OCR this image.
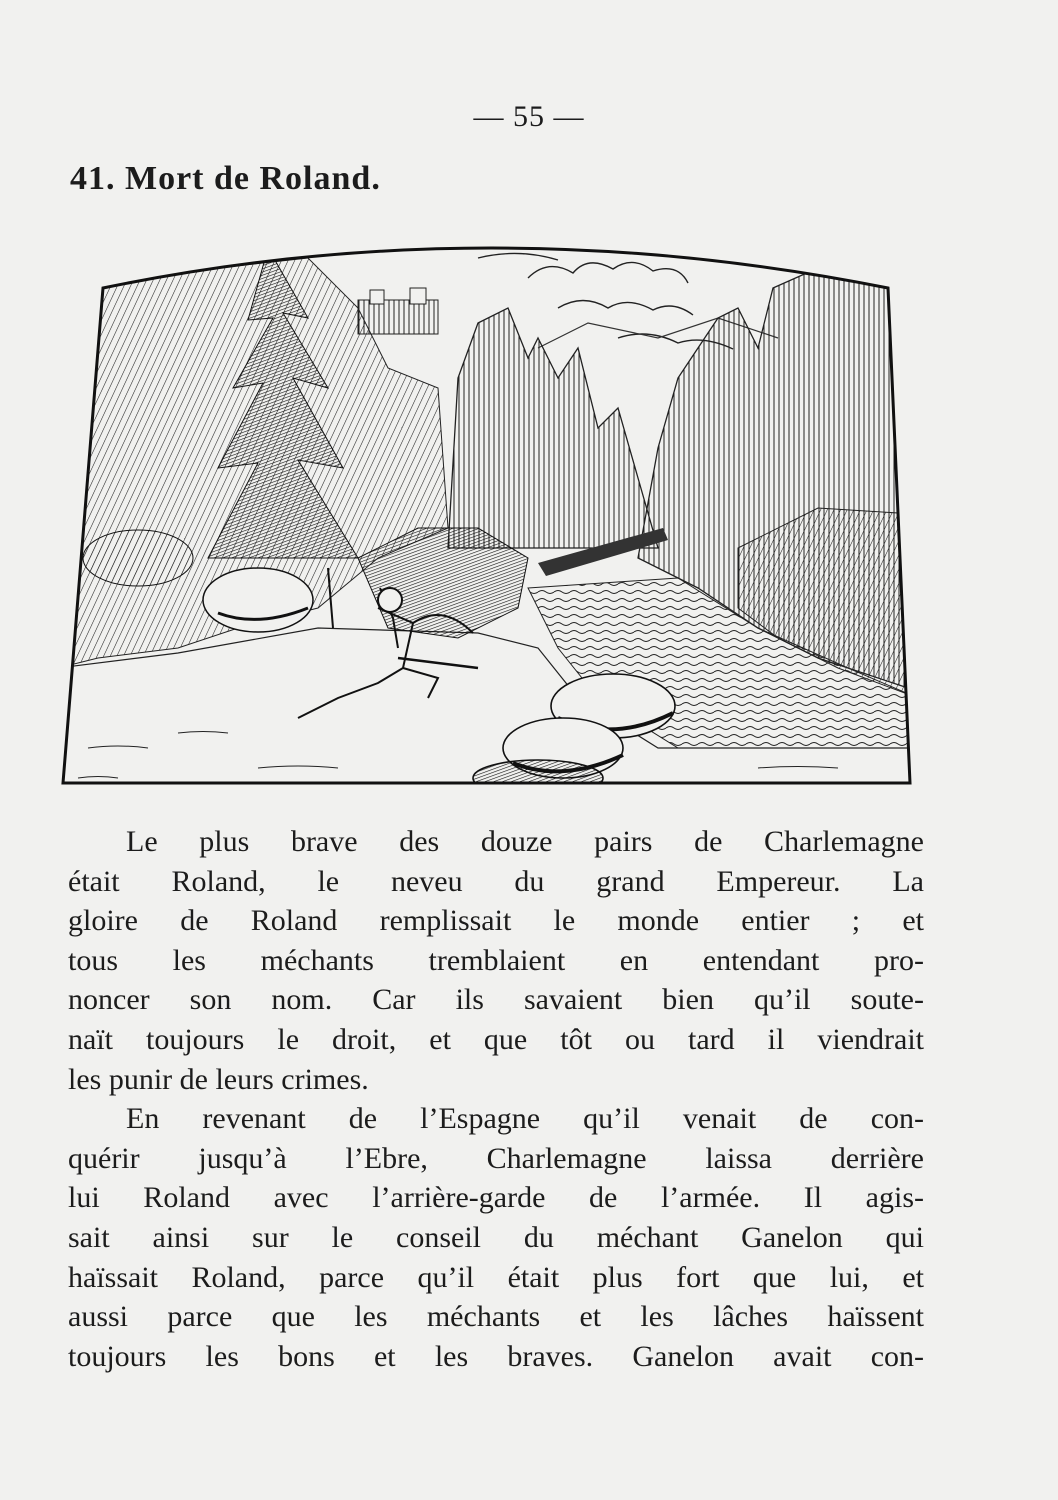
— 55 —
41. Mort de Roland.

Le plus brave des douze pairs de Charlemagne
était Roland, le neveu du grand Empereur. La
gloire de Roland remplissait le monde entier ; et
tous les méchants tremblaient en entendant pro-
noncer son nom. Car ils savaient bien qu’il soute-
naït toujours le droit, et que tôt ou tard il viendrait
les punir de leurs crimes.

En revenant de l’Espagne qu’il venait de con-
quérir jusqu’à l’Ebre, Charlemagne laissa derrière
lui Roland avec l’arrière-garde de l’armée. Il agis-
sait ainsi sur le conseil du méchant Ganelon qui
haïssait Roland, parce qu’il était plus fort que lui, et
aussi parce que les méchants et les lâches haïssent
toujours les bons et les braves. Ganelon avait con-
